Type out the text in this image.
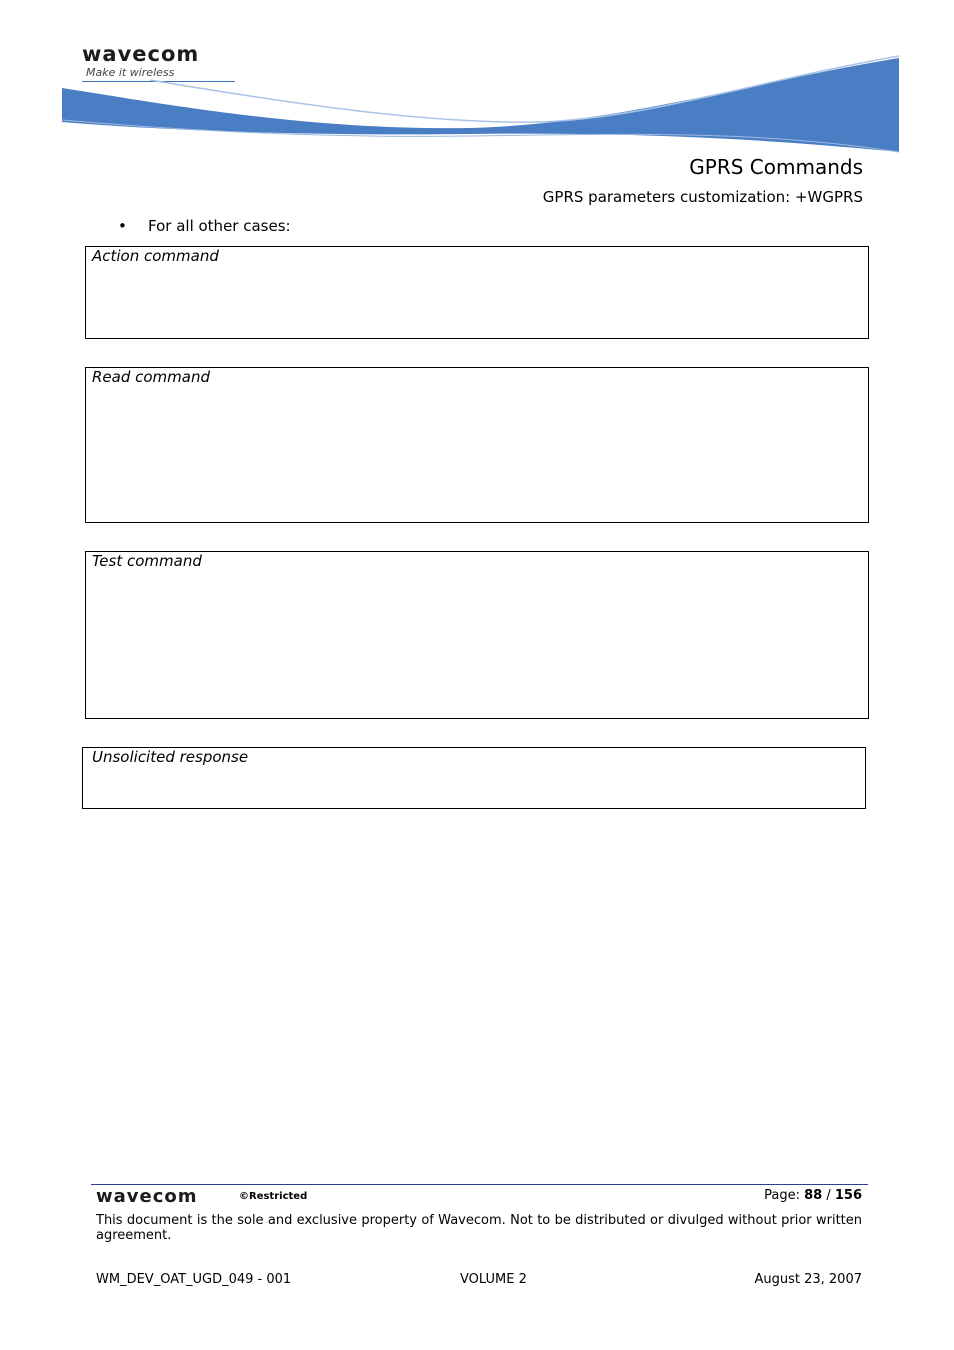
wavecom
Make it wireless
GPRS Commands
GPRS parameters customization: +WGPRS
• For all other cases:
Action command
Read command
Test command
Unsolicited response
wavecom	©Restricted	Page: 88 / 156
This document is the sole and exclusive property of Wavecom. Not to be distributed or divulged without prior written agreement.
WM_DEV_OAT_UGD_049 - 001	VOLUME 2	August 23, 2007
